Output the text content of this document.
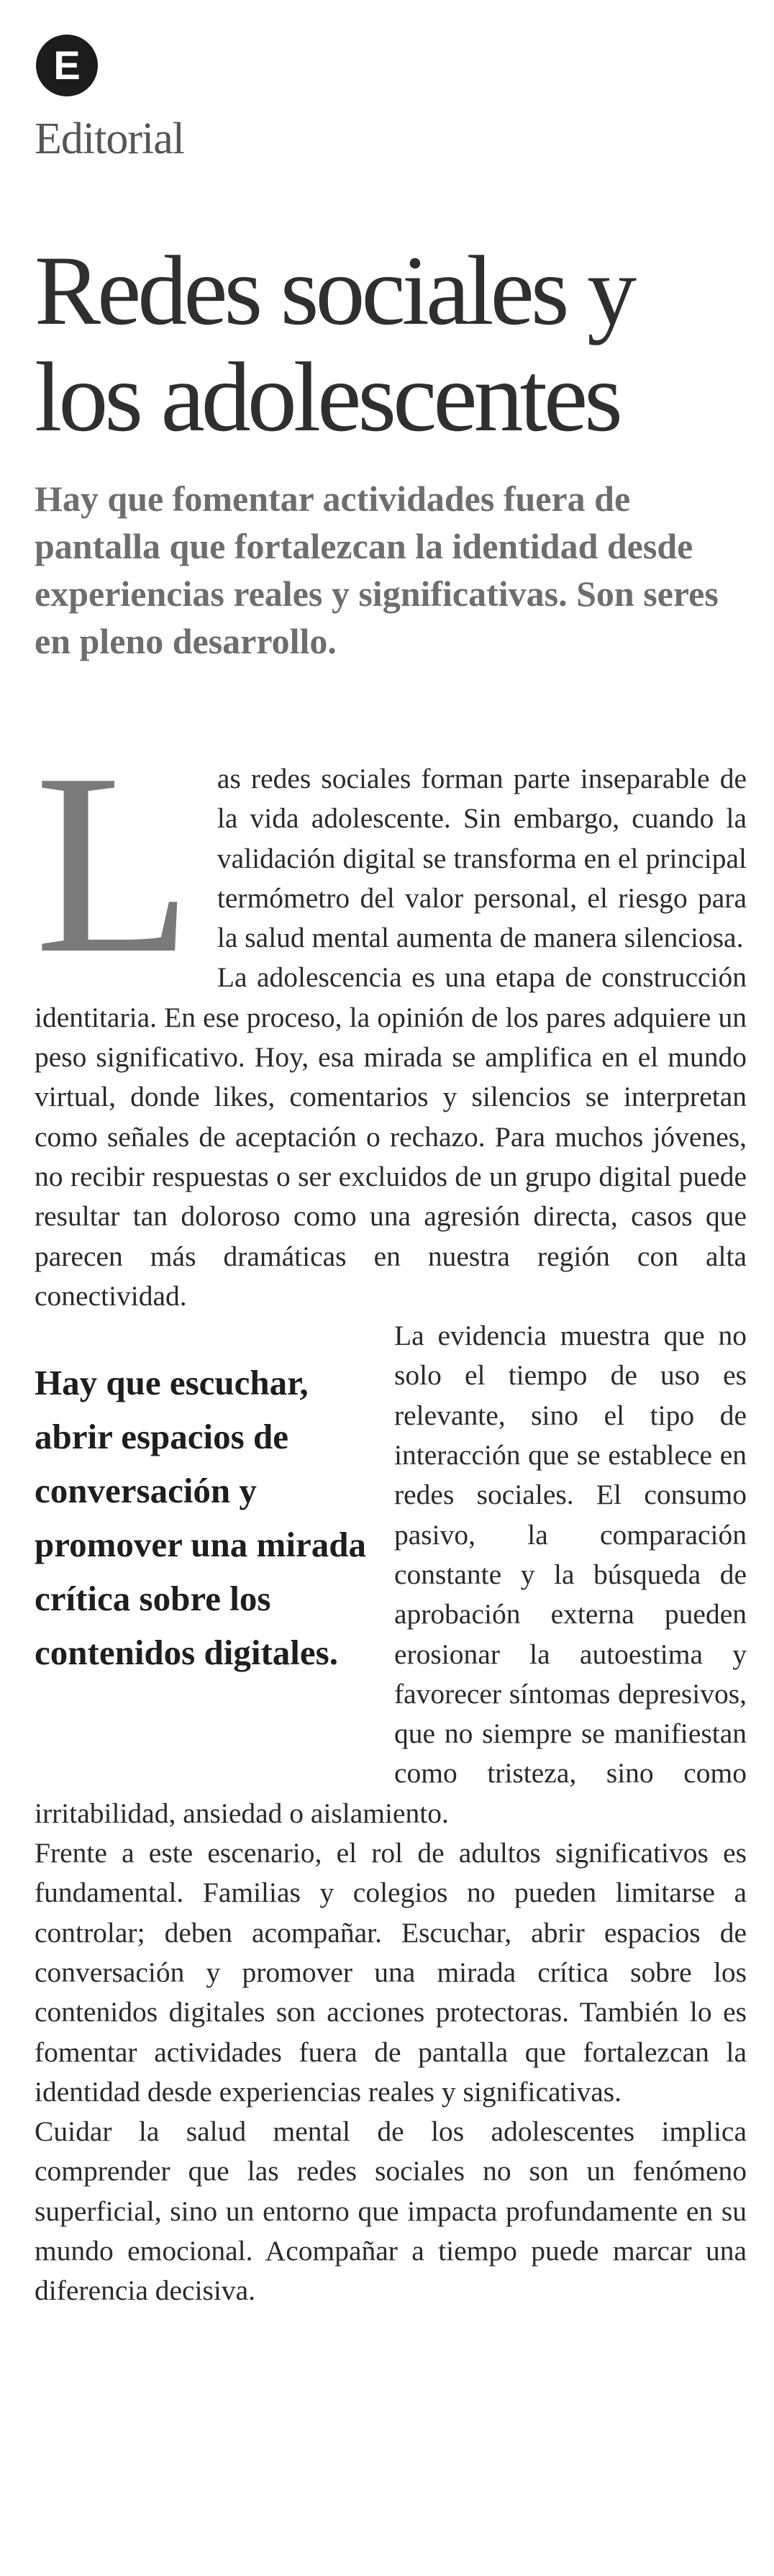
E
Editorial
Redes sociales y los adolescentes

Hay que fomentar actividades fuera de pantalla que fortalezcan la identidad desde experiencias reales y significativas. Son seres en pleno desarrollo.

Las redes sociales forman parte inseparable de la vida adolescente. Sin embargo, cuando la validación digital se transforma en el principal termómetro del valor personal, el riesgo para la salud mental aumenta de manera silenciosa.

La adolescencia es una etapa de construcción identitaria. En ese proceso, la opinión de los pares adquiere un peso significativo. Hoy, esa mirada se amplifica en el mundo virtual, donde likes, comentarios y silencios se interpretan como señales de aceptación o rechazo. Para muchos jóvenes, no recibir respuestas o ser excluidos de un grupo digital puede resultar tan doloroso como una agresión directa, casos que parecen más dramáticas en nuestra región con alta conectividad.

Hay que escuchar, abrir espacios de conversación y promover una mirada crítica sobre los contenidos digitales.
La evidencia muestra que no solo el tiempo de uso es relevante, sino el tipo de interacción que se establece en redes sociales. El consumo pasivo, la comparación constante y la búsqueda de aprobación externa pueden erosionar la autoestima y favorecer síntomas depresivos, que no siempre se manifiestan como tristeza, sino como irritabilidad, ansiedad o aislamiento.

Frente a este escenario, el rol de adultos significativos es fundamental. Familias y colegios no pueden limitarse a controlar; deben acompañar. Escuchar, abrir espacios de conversación y promover una mirada crítica sobre los contenidos digitales son acciones protectoras. También lo es fomentar actividades fuera de pantalla que fortalezcan la identidad desde experiencias reales y significativas.

Cuidar la salud mental de los adolescentes implica comprender que las redes sociales no son un fenómeno superficial, sino un entorno que impacta profundamente en su mundo emocional. Acompañar a tiempo puede marcar una diferencia decisiva.
